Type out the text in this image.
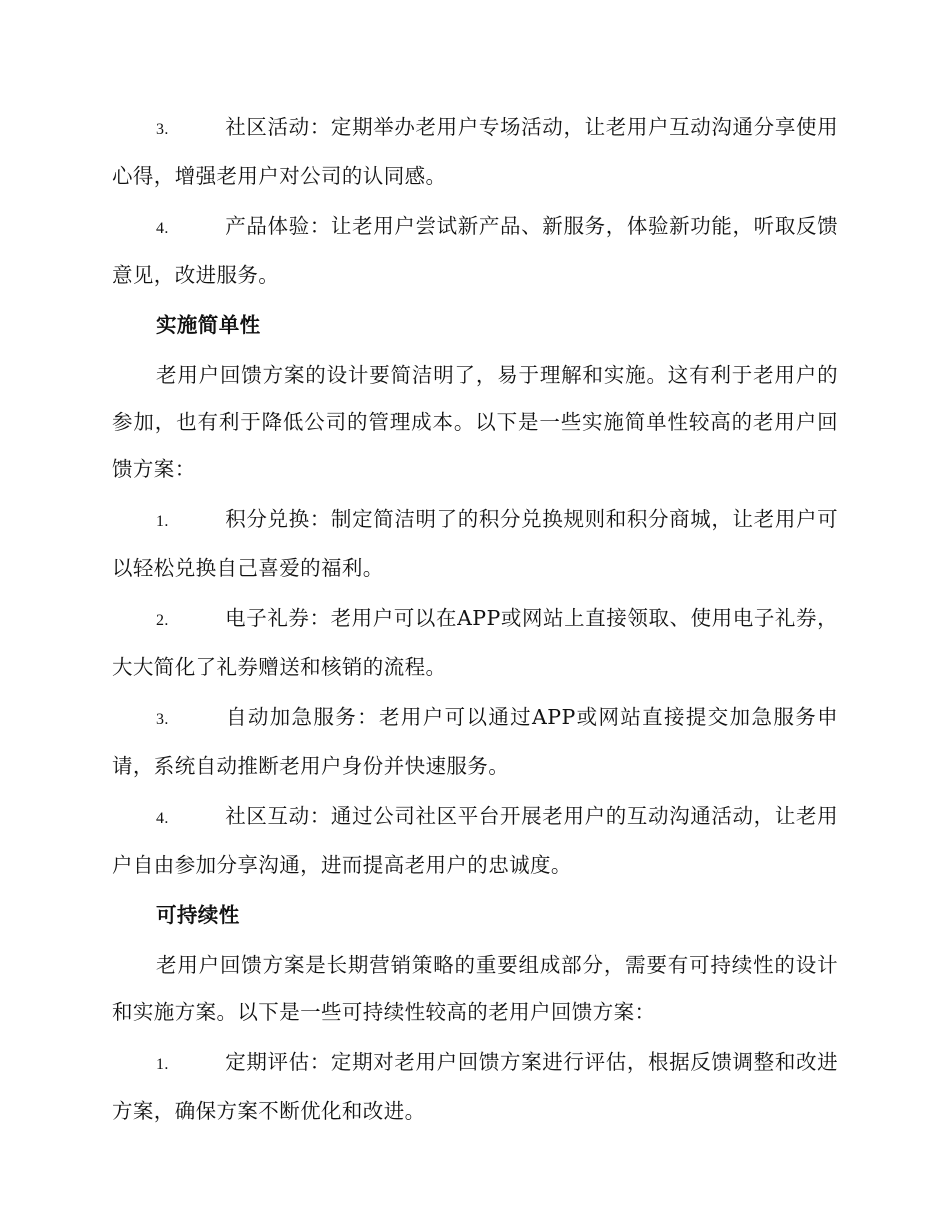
3.	社区活动：定期举办老用户专场活动，让老用户互动沟通分享使用心得，增强老用户对公司的认同感。

4.	产品体验：让老用户尝试新产品、新服务，体验新功能，听取反馈意见，改进服务。

实施简单性

老用户回馈方案的设计要简洁明了，易于理解和实施。这有利于老用户的参加，也有利于降低公司的管理成本。以下是一些实施简单性较高的老用户回馈方案：

1.	积分兑换：制定简洁明了的积分兑换规则和积分商城，让老用户可以轻松兑换自己喜爱的福利。

2.	电子礼券：老用户可以在APP或网站上直接领取、使用电子礼券，大大简化了礼券赠送和核销的流程。

3.	自动加急服务：老用户可以通过APP或网站直接提交加急服务申请，系统自动推断老用户身份并快速服务。

4.	社区互动：通过公司社区平台开展老用户的互动沟通活动，让老用户自由参加分享沟通，进而提高老用户的忠诚度。

可持续性

老用户回馈方案是长期营销策略的重要组成部分，需要有可持续性的设计和实施方案。以下是一些可持续性较高的老用户回馈方案：

1.	定期评估：定期对老用户回馈方案进行评估，根据反馈调整和改进方案，确保方案不断优化和改进。
